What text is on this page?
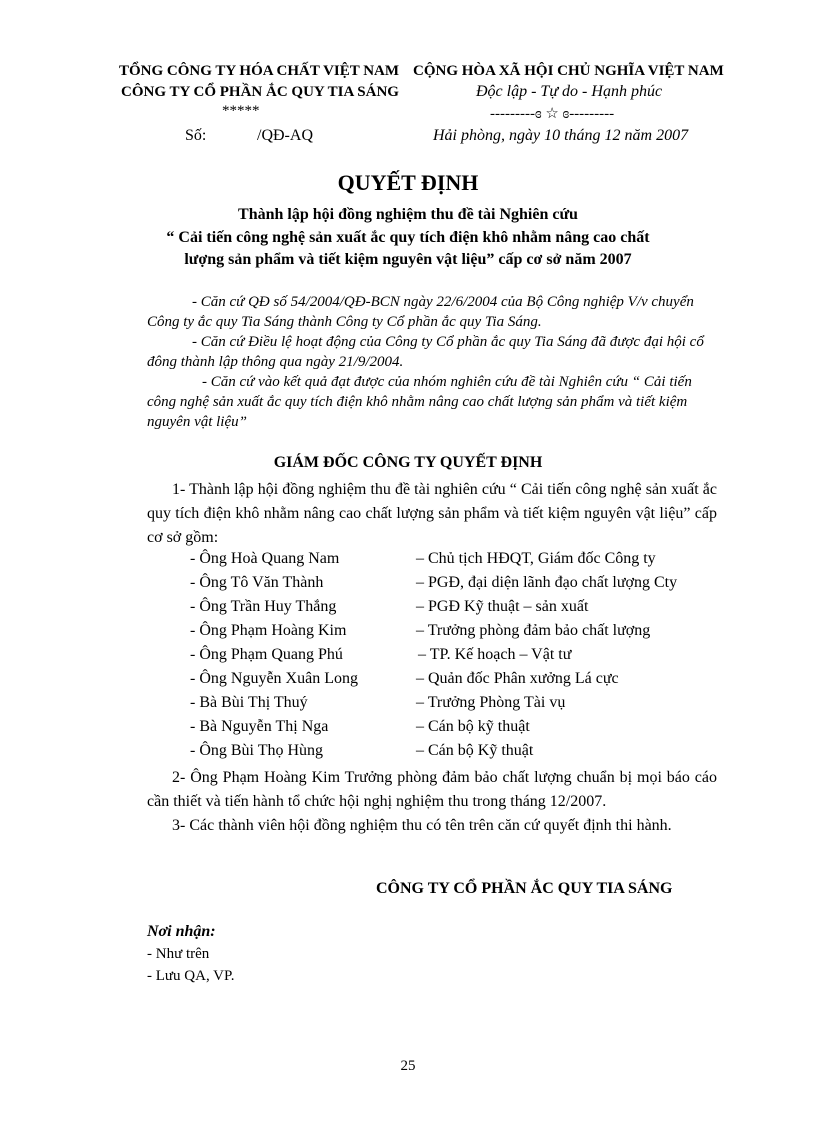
TỔNG CÔNG TY HÓA CHẤT VIỆT NAM
CÔNG TY CỔ PHẦN ẮC QUY TIA SÁNG
*****
CỘNG HÒA XÃ HỘI CHỦ NGHĨA VIỆT NAM
Độc lập - Tự do - Hạnh phúc
---------ɞ ☆ ɞ---------
Số:	/QĐ-AQ	Hải phòng, ngày 10 tháng 12 năm 2007
QUYẾT ĐỊNH
Thành lập hội đồng nghiệm thu đề tài Nghiên cứu
“ Cải tiến công nghệ sản xuất ắc quy tích điện khô nhằm nâng cao chất
lượng sản phẩm và tiết kiệm nguyên vật liệu” cấp cơ sở năm 2007
- Căn cứ QĐ số 54/2004/QĐ-BCN ngày 22/6/2004 của Bộ Công nghiệp V/v chuyển Công ty ắc quy Tia Sáng thành Công ty Cổ phần ắc quy Tia Sáng.
- Căn cứ Điều lệ hoạt động của Công ty Cổ phần ắc quy Tia Sáng đã được đại hội cổ đông thành lập thông qua ngày 21/9/2004.
- Căn cứ vào kết quả đạt được của nhóm nghiên cứu đề tài Nghiên cứu “ Cải tiến công nghệ sản xuất ắc quy tích điện khô nhằm nâng cao chất lượng sản phẩm và tiết kiệm nguyên vật liệu”
GIÁM ĐỐC CÔNG TY QUYẾT ĐỊNH
1- Thành lập hội đồng nghiệm thu đề tài nghiên cứu “ Cải tiến công nghệ sản xuất ắc quy tích điện khô nhằm nâng cao chất lượng sản phẩm và tiết kiệm nguyên vật liệu” cấp cơ sở gồm:
- Ông Hoà Quang Nam	– Chủ tịch HĐQT, Giám đốc Công ty
- Ông Tô Văn Thành	– PGĐ, đại diện lãnh đạo chất lượng Cty
- Ông Trần Huy Thắng	– PGĐ Kỹ thuật – sản xuất
- Ông Phạm Hoàng Kim	– Trưởng phòng đảm bảo chất lượng
- Ông Phạm Quang Phú	– TP. Kế hoạch – Vật tư
- Ông Nguyễn Xuân Long	– Quản đốc Phân xưởng Lá cực
- Bà Bùi Thị Thuý	– Trưởng Phòng Tài vụ
- Bà Nguyễn Thị Nga	– Cán bộ kỹ thuật
- Ông Bùi Thọ Hùng	– Cán bộ Kỹ thuật
2- Ông Phạm Hoàng Kim Trưởng phòng đảm bảo chất lượng chuẩn bị mọi báo cáo cần thiết và tiến hành tổ chức hội nghị nghiệm thu trong tháng 12/2007.
3- Các thành viên hội đồng nghiệm thu có tên trên căn cứ quyết định thi hành.
CÔNG TY CỔ PHẦN ẮC QUY TIA SÁNG
Nơi nhận:
- Như trên
- Lưu QA, VP.
25
